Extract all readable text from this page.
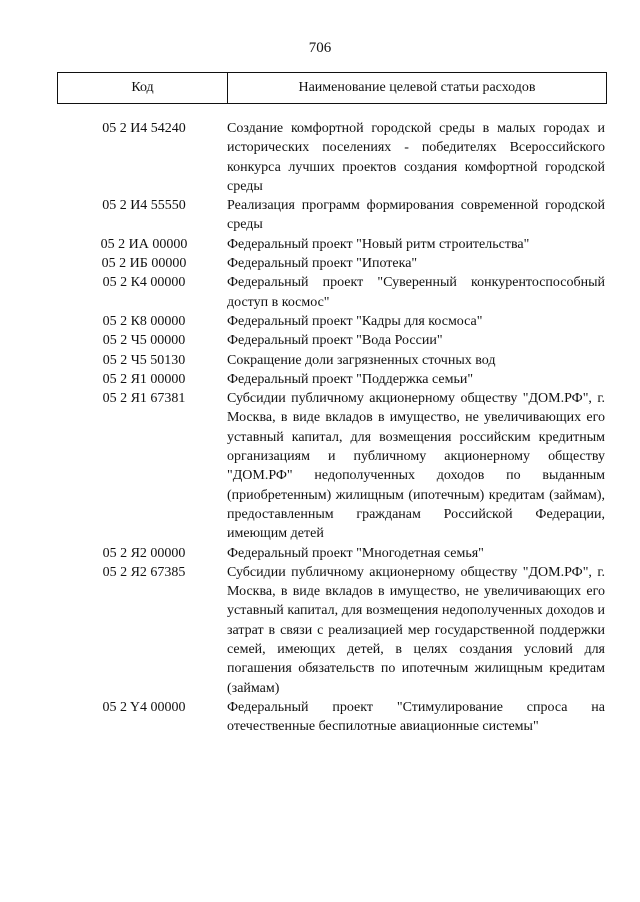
706
Код	Наименование целевой статьи расходов
05 2 И4 54240	Создание комфортной городской среды в малых городах и исторических поселениях - победителях Всероссийского конкурса лучших проектов создания комфортной городской среды
05 2 И4 55550	Реализация программ формирования современной городской среды
05 2 ИА 00000	Федеральный проект "Новый ритм строительства"
05 2 ИБ 00000	Федеральный проект "Ипотека"
05 2 К4 00000	Федеральный проект "Суверенный конкурентоспособный доступ в космос"
05 2 К8 00000	Федеральный проект "Кадры для космоса"
05 2 Ч5 00000	Федеральный проект "Вода России"
05 2 Ч5 50130	Сокращение доли загрязненных сточных вод
05 2 Я1 00000	Федеральный проект "Поддержка семьи"
05 2 Я1 67381	Субсидии публичному акционерному обществу "ДОМ.РФ", г. Москва, в виде вкладов в имущество, не увеличивающих его уставный капитал, для возмещения российским кредитным организациям и публичному акционерному обществу "ДОМ.РФ" недополученных доходов по выданным (приобретенным) жилищным (ипотечным) кредитам (займам), предоставленным гражданам Российской Федерации, имеющим детей
05 2 Я2 00000	Федеральный проект "Многодетная семья"
05 2 Я2 67385	Субсидии публичному акционерному обществу "ДОМ.РФ", г. Москва, в виде вкладов в имущество, не увеличивающих его уставный капитал, для возмещения недополученных доходов и затрат в связи с реализацией мер государственной поддержки семей, имеющих детей, в целях создания условий для погашения обязательств по ипотечным жилищным кредитам (займам)
05 2 Y4 00000	Федеральный проект "Стимулирование спроса на отечественные беспилотные авиационные системы"
